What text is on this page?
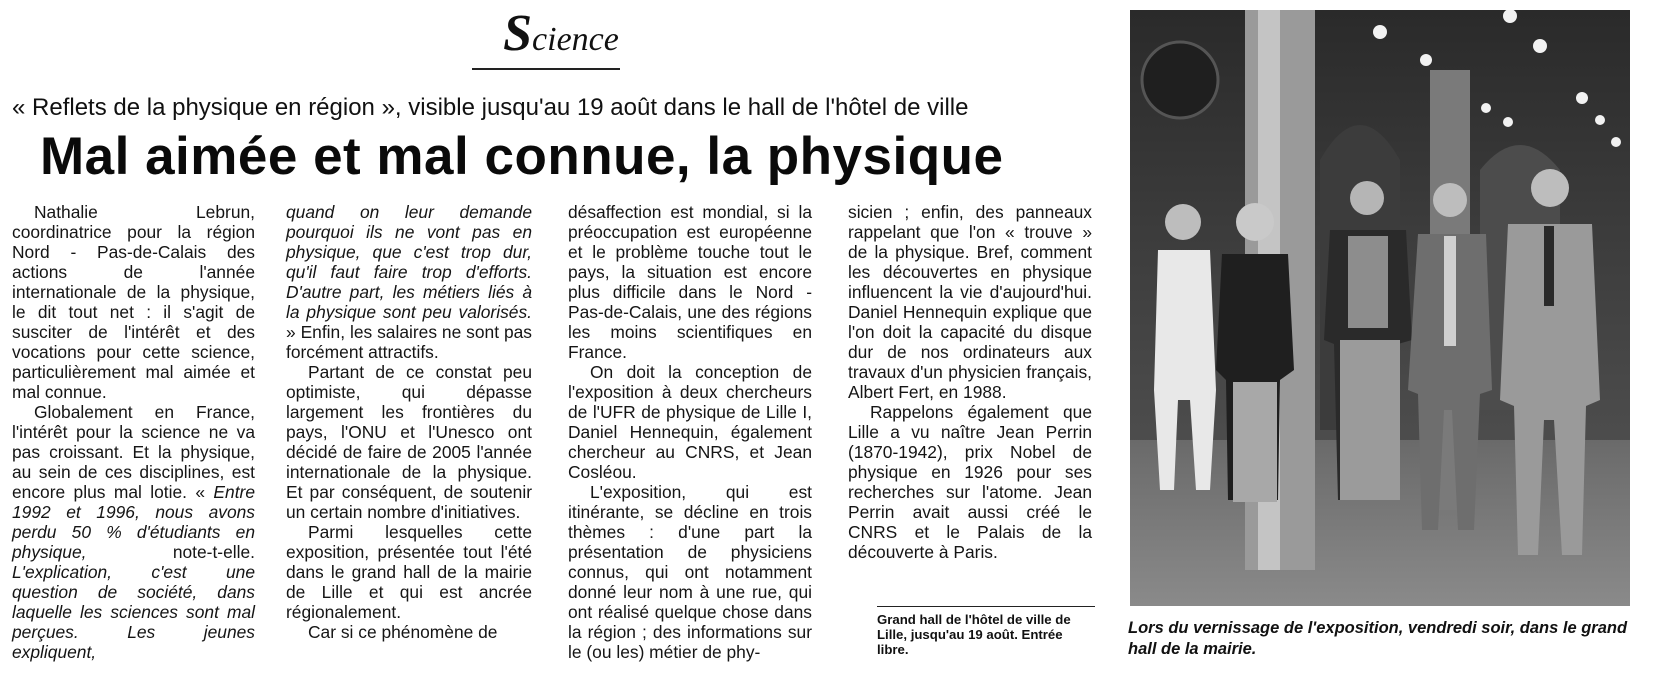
Science
« Reflets de la physique en région », visible jusqu'au 19 août dans le hall de l'hôtel de ville
Mal aimée et mal connue, la physique

Nathalie Lebrun, coordinatrice pour la région Nord - Pas-de-Calais des actions de l'année internationale de la physique, le dit tout net : il s'agit de susciter de l'intérêt et des vocations pour cette science, particulièrement mal aimée et mal connue.

Globalement en France, l'intérêt pour la science ne va pas croissant. Et la physique, au sein de ces disciplines, est encore plus mal lotie. « Entre 1992 et 1996, nous avons perdu 50 % d'étudiants en physique,	note-t-elle. L'explication, c'est une question de société, dans laquelle les sciences sont mal perçues. Les jeunes expliquent,

quand on leur demande pourquoi ils ne vont pas en physique, que c'est trop dur, qu'il faut faire trop d'efforts. D'autre part, les métiers liés à la physique sont peu valorisés. » Enfin, les salaires ne sont pas forcément attractifs.

Partant de ce constat peu optimiste, qui dépasse largement les frontières du pays, l'ONU et l'Unesco ont décidé de faire de 2005 l'année internationale de la physique. Et par conséquent, de soutenir un certain nombre d'initiatives.

Parmi lesquelles cette exposition, présentée tout l'été dans le grand hall de la mairie de Lille et qui est ancrée régionalement.

Car si ce phénomène de

désaffection est mondial, si la préoccupation est européenne et le problème touche tout le pays, la situation est encore plus difficile dans le Nord - Pas-de-Calais, une des régions les moins scientifiques en France.

On doit la conception de l'exposition à deux chercheurs de l'UFR de physique de Lille I, Daniel Hennequin, également chercheur au CNRS, et Jean Cosléou.

L'exposition, qui est itinérante, se décline en trois thèmes : d'une part la présentation de physiciens connus, qui ont notamment donné leur nom à une rue, qui ont réalisé quelque chose dans la région ; des informations sur le (ou les) métier de phy-

sicien ; enfin, des panneaux rappelant que l'on « trouve » de la physique. Bref, comment les découvertes en physique influencent la vie d'aujourd'hui. Daniel Hennequin explique que l'on doit la capacité du disque dur de nos ordinateurs aux travaux d'un physicien français, Albert Fert, en 1988.

Rappelons également que Lille a vu naître Jean Perrin (1870-1942), prix Nobel de physique en 1926 pour ses recherches sur l'atome. Jean Perrin avait aussi créé le CNRS et le Palais de la découverte à Paris.

Grand hall de l'hôtel de ville de Lille, jusqu'au 19 août. Entrée libre.
Lors du vernissage de l'exposition, vendredi soir, dans le grand hall de la mairie.
